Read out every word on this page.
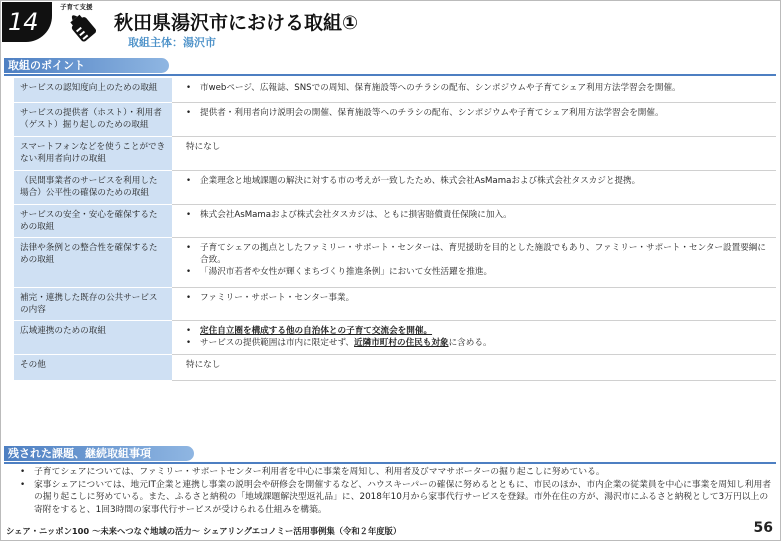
14
子育て支援
秋田県湯沢市における取組①
取組主体：湯沢市
取組のポイント
サービスの認知度向上のための取組	• 市webページ、広報誌、SNSでの周知、保育施設等へのチラシの配布、シンポジウムや子育てシェア利用方法学習会を開催。

サービスの提供者（ホスト）・利用者（ゲスト）掘り起しのための取組	• 提供者・利用者向け説明会の開催、保育施設等へのチラシの配布、シンポジウムや子育てシェア利用方法学習会を開催。

スマートフォンなどを使うことができない利用者向けの取組	特になし
（民間事業者のサービスを利用した場合）公平性の確保のための取組	• 企業理念と地域課題の解決に対する市の考えが一致したため、株式会社AsMamaおよび株式会社タスカジと提携。

サービスの安全・安心を確保するための取組	• 株式会社AsMamaおよび株式会社タスカジは、ともに損害賠償責任保険に加入。

法律や条例との整合性を確保するための取組	• 子育てシェアの拠点としたファミリー・サポート・センターは、育児援助を目的とした施設でもあり、ファミリー・サポート・センター設置要綱に合致。
• 「湯沢市若者や女性が輝くまちづくり推進条例」において女性活躍を推進。

補完・連携した既存の公共サービスの内容	• ファミリー・サポート・センター事業。

広域連携のための取組	• 定住自立圏を構成する他の自治体との子育て交流会を開催。
• サービスの提供範囲は市内に限定せず、近隣市町村の住民も対象に含める。

その他	特になし
残された課題、継続取組事項
• 子育てシェアについては、ファミリー・サポートセンター利用者を中心に事業を周知し、利用者及びママサポーターの掘り起こしに努めている。
• 家事シェアについては、地元IT企業と連携し事業の説明会や研修会を開催するなど、ハウスキーパーの確保に努めるとともに、市民のほか、市内企業の従業員を中心に事業を周知し利用者の掘り起こしに努めている。また、ふるさと納税の「地域課題解決型返礼品」に、2018年10月から家事代行サービスを登録。市外在住の方が、湯沢市にふるさと納税として3万円以上の寄附をすると、1回3時間の家事代行サービスが受けられる仕組みを構築。
シェア・ニッポン100 ～未来へつなぐ地域の活力～ シェアリングエコノミー活用事例集（令和２年度版）	56
